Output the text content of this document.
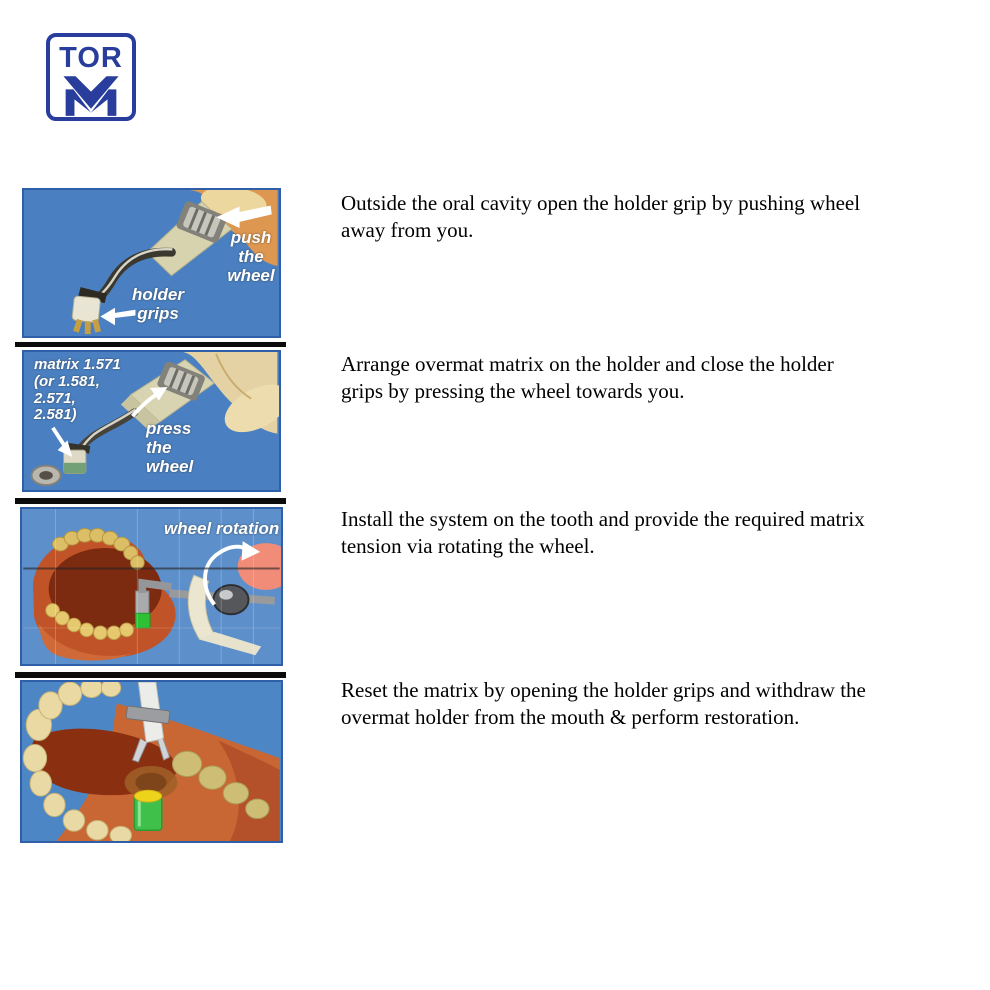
TOR
push
the
wheel
holder
grips
matrix 1.571
(or 1.581,
2.571,
2.581)
press
the
wheel
wheel rotation
Outside the oral cavity open the holder grip by pushing wheel
away from you.
Arrange overmat matrix on the holder and close the holder
grips by pressing the wheel towards you.
Install the system on the tooth and provide the required matrix
tension via rotating the wheel.
Reset the matrix by opening the holder grips and withdraw the
overmat holder from the mouth & perform restoration.
